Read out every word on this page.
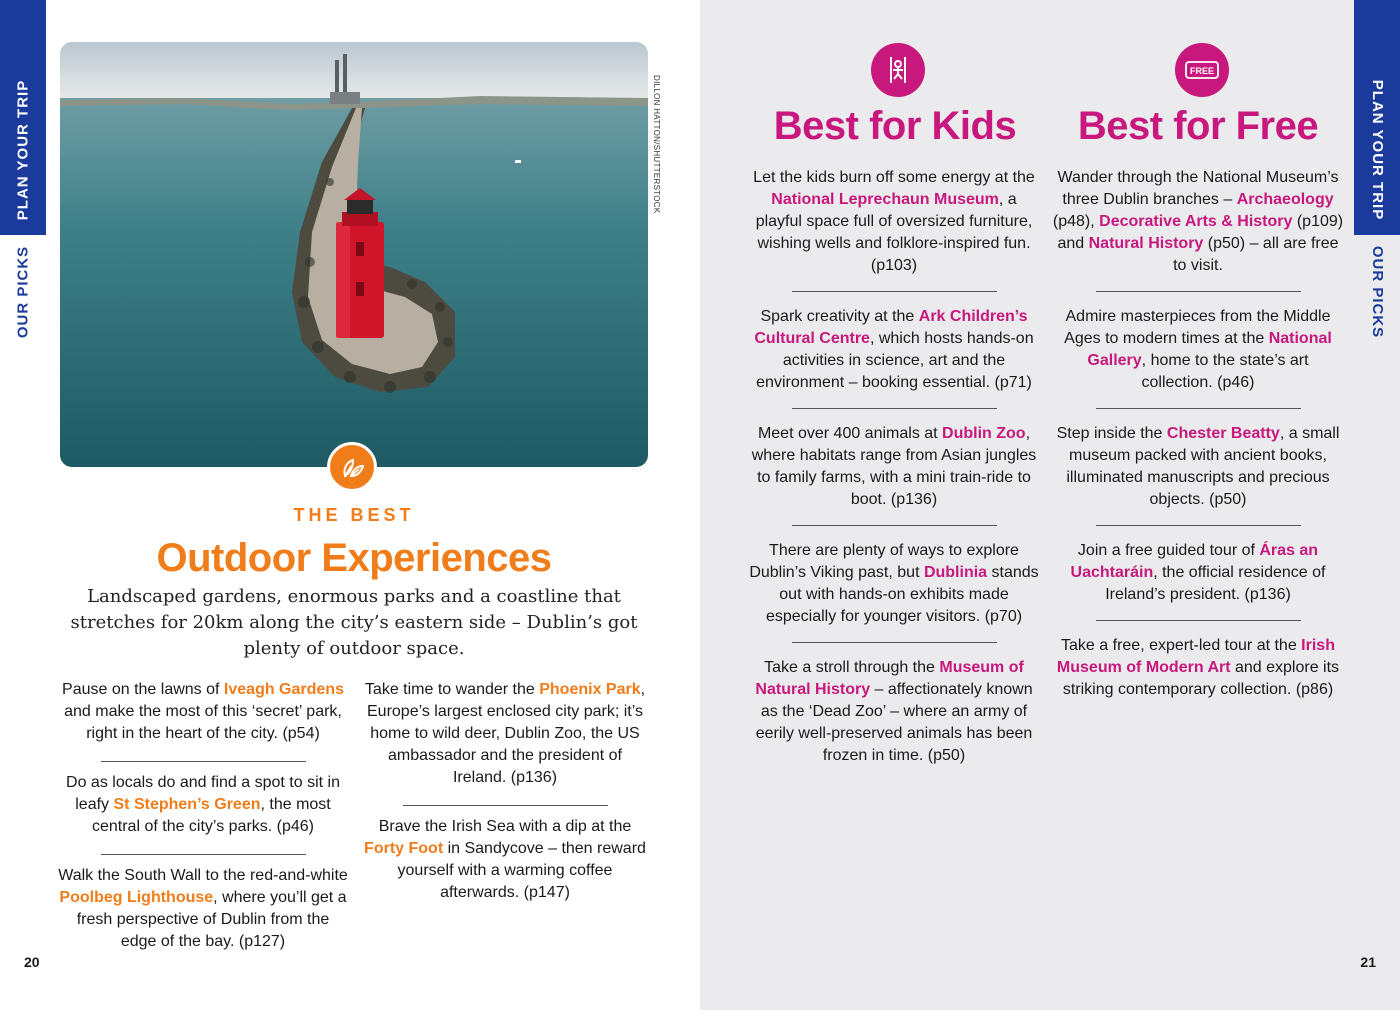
PLAN YOUR TRIP
OUR PICKS
DILLON HATTON/SHUTTERSTOCK
THE BEST
Outdoor Experiences
Landscaped gardens, enormous parks and a coastline that stretches for 20km along the city’s eastern side – Dublin’s got plenty of outdoor space.

Pause on the lawns of Iveagh Gardens and make the most of this ‘secret’ park, right in the heart of the city. (p54)

Do as locals do and find a spot to sit in leafy St Stephen’s Green, the most central of the city’s parks. (p46)

Walk the South Wall to the red-and-white Poolbeg Lighthouse, where you’ll get a fresh perspective of Dublin from the edge of the bay. (p127)

Take time to wander the Phoenix Park, Europe’s largest enclosed city park; it’s home to wild deer, Dublin Zoo, the US ambassador and the president of Ireland. (p136)

Brave the Irish Sea with a dip at the Forty Foot in Sandycove – then reward yourself with a warming coffee afterwards. (p147)

20
PLAN YOUR TRIP
OUR PICKS
21
FREE
Best for Kids	Best for Free

Let the kids burn off some energy at the National Leprechaun Museum, a playful space full of oversized furniture, wishing wells and folklore-inspired fun. (p103)

Spark creativity at the Ark Children’s Cultural Centre, which hosts hands-on activities in science, art and the environment – booking essential. (p71)

Meet over 400 animals at Dublin Zoo, where habitats range from Asian jungles to family farms, with a mini train-ride to boot. (p136)

There are plenty of ways to explore Dublin’s Viking past, but Dublinia stands out with hands-on exhibits made especially for younger visitors. (p70)

Take a stroll through the Museum of Natural History – affectionately known as the ‘Dead Zoo’ – where an army of eerily well-preserved animals has been frozen in time. (p50)

Wander through the National Museum’s three Dublin branches – Archaeology (p48), Decorative Arts & History (p109) and Natural History (p50) – all are free to visit.

Admire masterpieces from the Middle Ages to modern times at the National Gallery, home to the state’s art collection. (p46)

Step inside the Chester Beatty, a small museum packed with ancient books, illuminated manuscripts and precious objects. (p50)

Join a free guided tour of Áras an Uachtaráin, the official residence of Ireland’s president. (p136)

Take a free, expert-led tour at the Irish Museum of Modern Art and explore its striking contemporary collection. (p86)
